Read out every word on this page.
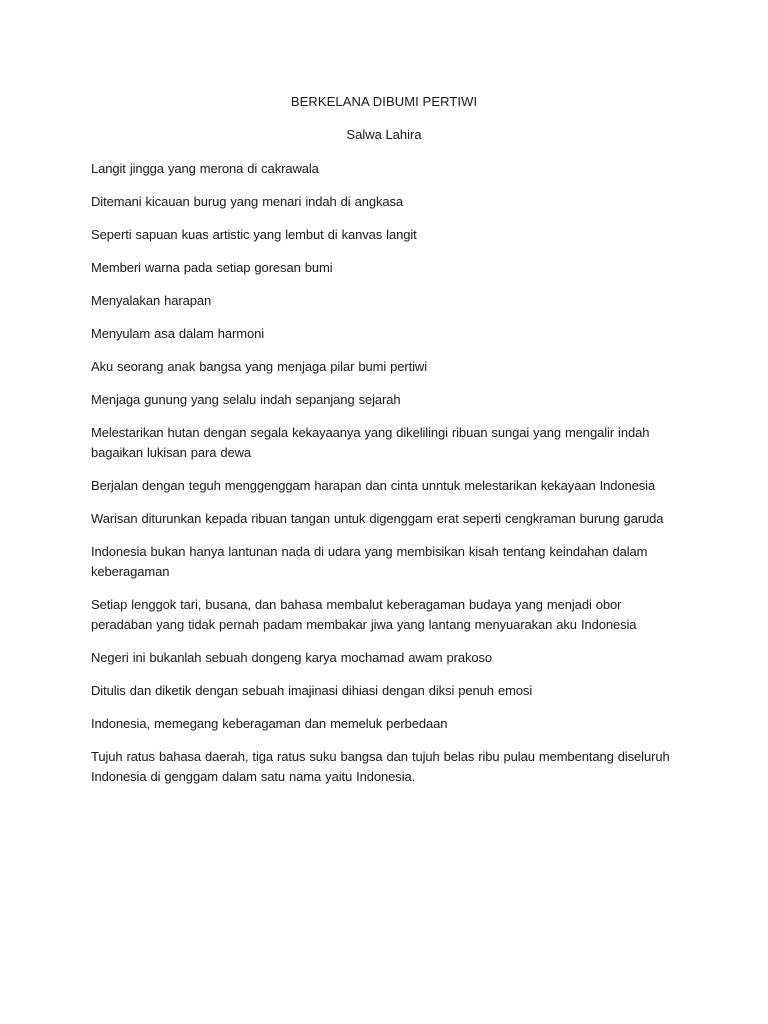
BERKELANA DIBUMI PERTIWI
Salwa Lahira

Langit jingga yang merona di cakrawala

Ditemani kicauan burug yang menari indah di angkasa

Seperti sapuan kuas artistic yang lembut di kanvas langit

Memberi warna pada setiap goresan bumi

Menyalakan harapan

Menyulam asa dalam harmoni

Aku seorang anak bangsa yang menjaga pilar bumi pertiwi

Menjaga gunung yang selalu indah sepanjang sejarah

Melestarikan hutan dengan segala kekayaanya yang dikelilingi ribuan sungai yang mengalir indah bagaikan lukisan para dewa

Berjalan dengan teguh menggenggam harapan dan cinta unntuk melestarikan kekayaan Indonesia

Warisan diturunkan kepada ribuan tangan untuk digenggam erat seperti cengkraman burung garuda

Indonesia bukan hanya lantunan nada di udara yang membisikan kisah tentang keindahan dalam keberagaman

Setiap lenggok tari, busana, dan bahasa membalut keberagaman budaya yang menjadi obor peradaban yang tidak pernah padam membakar jiwa yang lantang menyuarakan aku Indonesia

Negeri ini bukanlah sebuah dongeng karya mochamad awam prakoso

Ditulis dan diketik dengan sebuah imajinasi dihiasi dengan diksi penuh emosi

Indonesia, memegang keberagaman dan memeluk perbedaan

Tujuh ratus bahasa daerah, tiga ratus suku bangsa dan tujuh belas ribu pulau membentang diseluruh Indonesia di genggam dalam satu nama yaitu Indonesia.
